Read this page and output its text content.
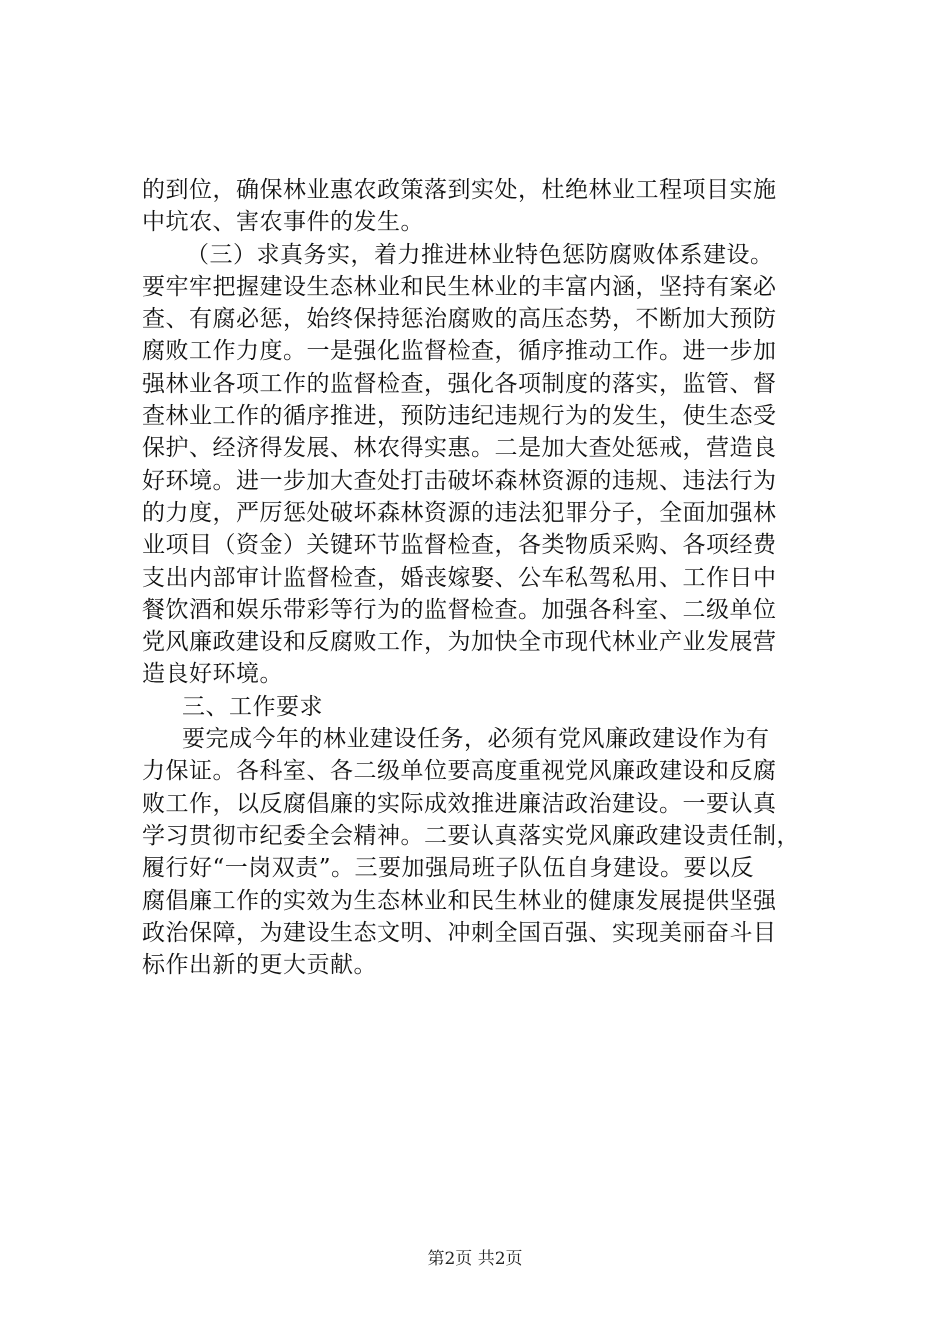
的到位，确保林业惠农政策落到实处，杜绝林业工程项目实施
中坑农、害农事件的发生。
（三）求真务实，着力推进林业特色惩防腐败体系建设。
要牢牢把握建设生态林业和民生林业的丰富内涵，坚持有案必
查、有腐必惩，始终保持惩治腐败的高压态势，不断加大预防
腐败工作力度。一是强化监督检查，循序推动工作。进一步加
强林业各项工作的监督检查，强化各项制度的落实，监管、督
查林业工作的循序推进，预防违纪违规行为的发生，使生态受
保护、经济得发展、林农得实惠。二是加大查处惩戒，营造良
好环境。进一步加大查处打击破坏森林资源的违规、违法行为
的力度，严厉惩处破坏森林资源的违法犯罪分子，全面加强林
业项目（资金）关键环节监督检查，各类物质采购、各项经费
支出内部审计监督检查，婚丧嫁娶、公车私驾私用、工作日中
餐饮酒和娱乐带彩等行为的监督检查。加强各科室、二级单位
党风廉政建设和反腐败工作，为加快全市现代林业产业发展营
造良好环境。
三、工作要求
要完成今年的林业建设任务，必须有党风廉政建设作为有
力保证。各科室、各二级单位要高度重视党风廉政建设和反腐
败工作，以反腐倡廉的实际成效推进廉洁政治建设。一要认真
学习贯彻市纪委全会精神。二要认真落实党风廉政建设责任制，
履行好“一岗双责”。三要加强局班子队伍自身建设。要以反
腐倡廉工作的实效为生态林业和民生林业的健康发展提供坚强
政治保障，为建设生态文明、冲刺全国百强、实现美丽奋斗目
标作出新的更大贡献。
第2页 共2页
